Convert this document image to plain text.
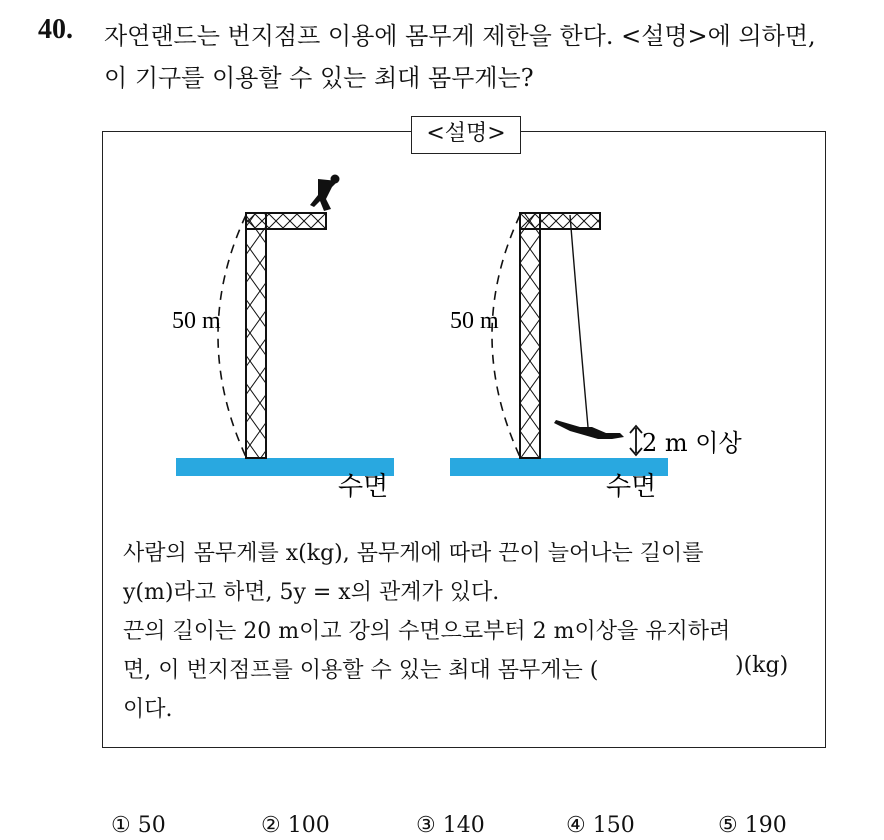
40. 자연랜드는 번지점프 이용에 몸무게 제한을 한다. <설명>에 의하면,
이 기구를 이용할 수 있는 최대 몸무게는?
<설명>
50 m
수면
50 m
2 m 이상
수면
사람의 몸무게를 x(kg), 몸무게에 따라 끈이 늘어나는 길이를
y(m)라고 하면, 5y = x의 관계가 있다.
끈의 길이는 20 m이고 강의 수면으로부터 2 m이상을 유지하려
면, 이 번지점프를 이용할 수 있는 최대 몸무게는 (	)(kg)
이다.
① 50	② 100	③ 140	④ 150	⑤ 190
